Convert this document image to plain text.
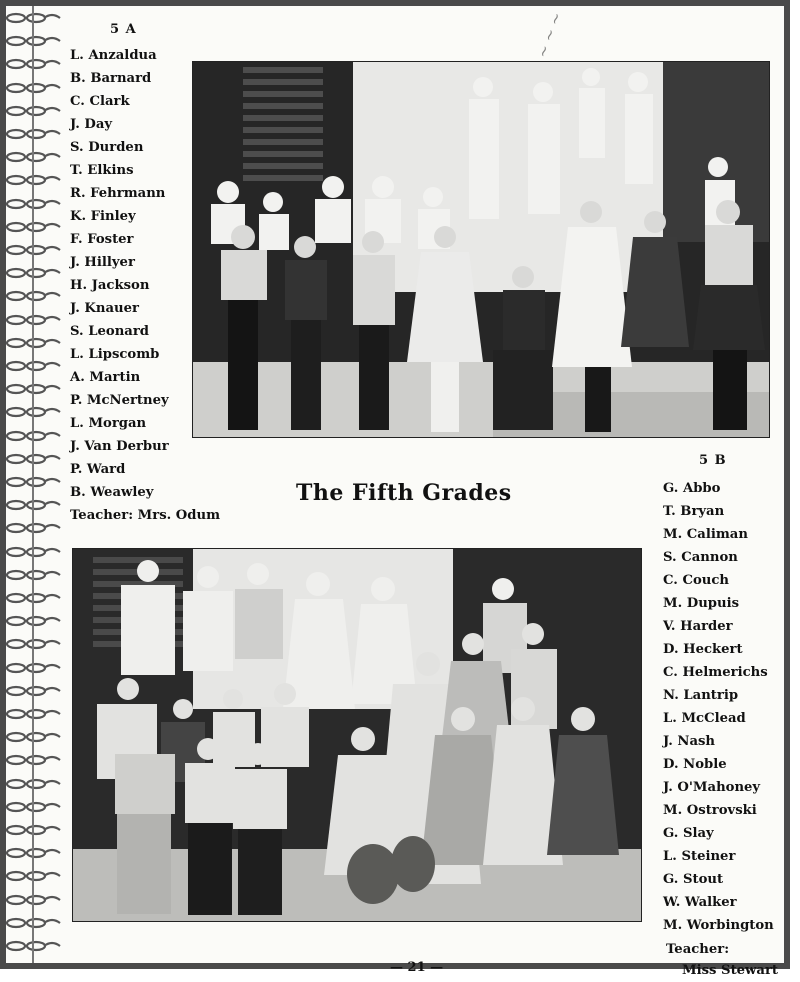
5 A
L. Anzaldua
B. Barnard
C. Clark
J. Day
S. Durden
T. Elkins
R. Fehrmann
K. Finley
F. Foster
J. Hillyer
H. Jackson
J. Knauer
S. Leonard
L. Lipscomb
A. Martin
P. McNertney
L. Morgan
J. Van Derbur
P. Ward
B. Weawley
Teacher: Mrs. Odum
The Fifth Grades
5 B
G. Abbo
T. Bryan
M. Caliman
S. Cannon
C. Couch
M. Dupuis
V. Harder
D. Heckert
C. Helmerichs
N. Lantrip
L. McClead
J. Nash
D. Noble
J. O'Mahoney
M. Ostrovski
G. Slay
L. Steiner
G. Stout
W. Walker
M. Worbington
Teacher:
Miss Stewart
~ ~ ~
— 21 —
